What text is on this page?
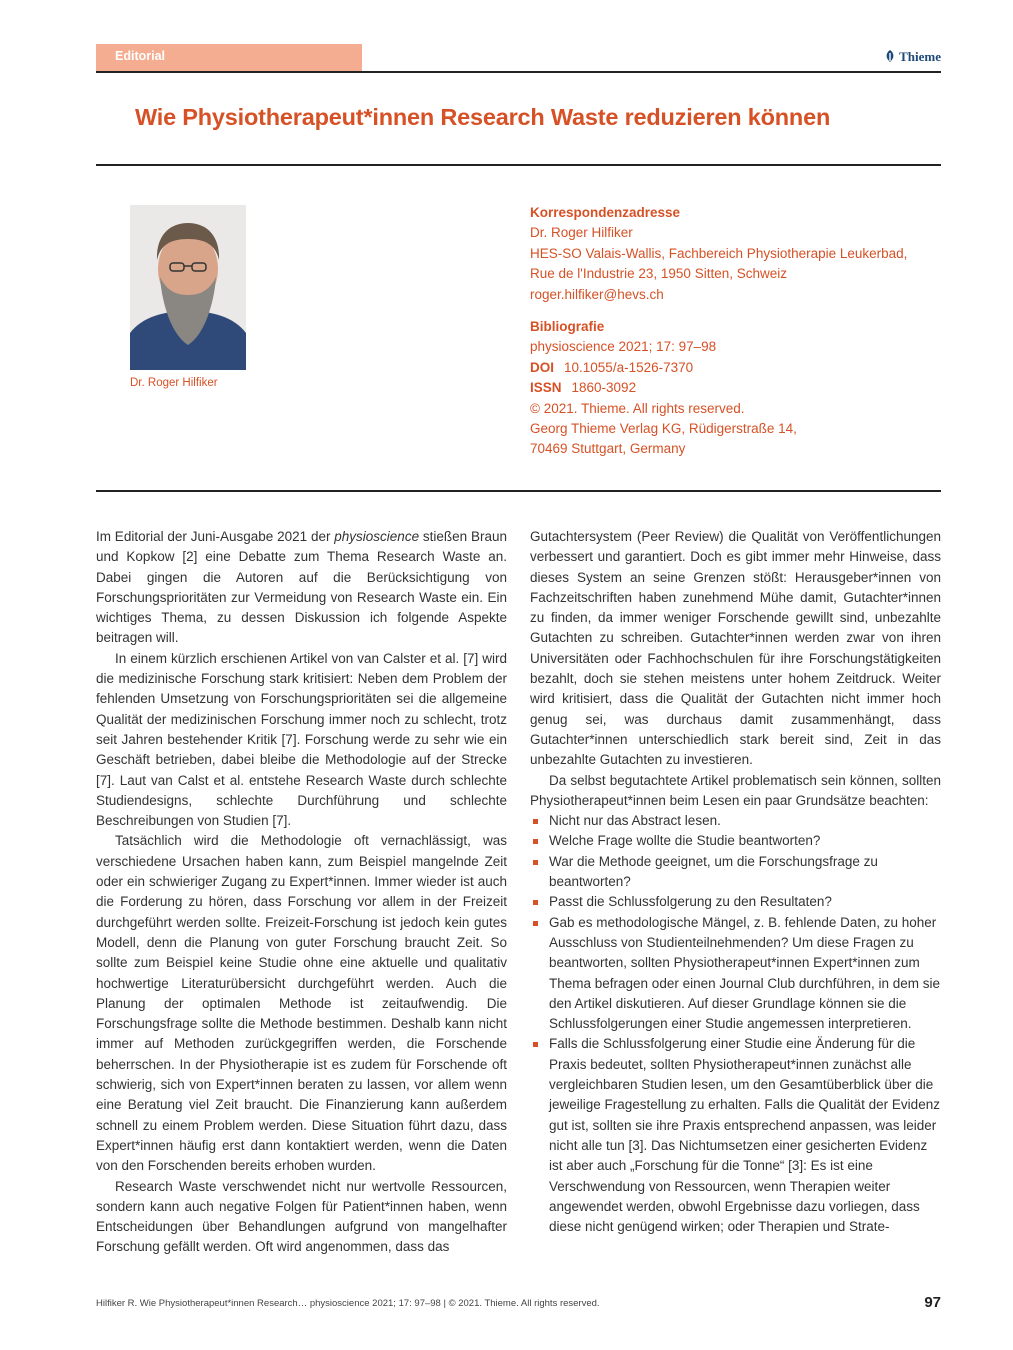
Editorial	Thieme
Wie Physiotherapeut*innen Research Waste reduzieren können
Dr. Roger Hilfiker
Korrespondenzadresse
Dr. Roger Hilfiker
HES-SO Valais-Wallis, Fachbereich Physiotherapie Leukerbad,
Rue de l'Industrie 23, 1950 Sitten, Schweiz
roger.hilfiker@hevs.ch
Bibliografie
physioscience 2021; 17: 97–98
DOI 10.1055/a-1526-7370
ISSN 1860-3092
© 2021. Thieme. All rights reserved.
Georg Thieme Verlag KG, Rüdigerstraße 14,
70469 Stuttgart, Germany

Im Editorial der Juni-Ausgabe 2021 der physioscience stießen Braun und Kopkow [2] eine Debatte zum Thema Research Waste an. Dabei gingen die Autoren auf die Berücksichtigung von Forschungsprioritäten zur Vermeidung von Research Waste ein. Ein wichtiges Thema, zu dessen Diskussion ich folgende Aspekte beitragen will.

In einem kürzlich erschienen Artikel von van Calster et al. [7] wird die medizinische Forschung stark kritisiert: Neben dem Problem der fehlenden Umsetzung von Forschungsprioritäten sei die allgemeine Qualität der medizinischen Forschung immer noch zu schlecht, trotz seit Jahren bestehender Kritik [7]. Forschung werde zu sehr wie ein Geschäft betrieben, dabei bleibe die Methodologie auf der Strecke [7]. Laut van Calst et al. entstehe Research Waste durch schlechte Studiendesigns, schlechte Durchführung und schlechte Beschreibungen von Studien [7].

Tatsächlich wird die Methodologie oft vernachlässigt, was verschiedene Ursachen haben kann, zum Beispiel mangelnde Zeit oder ein schwieriger Zugang zu Expert*innen. Immer wieder ist auch die Forderung zu hören, dass Forschung vor allem in der Freizeit durchgeführt werden sollte. Freizeit-Forschung ist jedoch kein gutes Modell, denn die Planung von guter Forschung braucht Zeit. So sollte zum Beispiel keine Studie ohne eine aktuelle und qualitativ hochwertige Literaturübersicht durchgeführt werden. Auch die Planung der optimalen Methode ist zeitaufwendig. Die Forschungsfrage sollte die Methode bestimmen. Deshalb kann nicht immer auf Methoden zurückgegriffen werden, die Forschende beherrschen. In der Physiotherapie ist es zudem für Forschende oft schwierig, sich von Expert*innen beraten zu lassen, vor allem wenn eine Beratung viel Zeit braucht. Die Finanzierung kann außerdem schnell zu einem Problem werden. Diese Situation führt dazu, dass Expert*innen häufig erst dann kontaktiert werden, wenn die Daten von den Forschenden bereits erhoben wurden.

Research Waste verschwendet nicht nur wertvolle Ressourcen, sondern kann auch negative Folgen für Patient*innen haben, wenn Entscheidungen über Behandlungen aufgrund von mangelhafter Forschung gefällt werden. Oft wird angenommen, dass das

Gutachtersystem (Peer Review) die Qualität von Veröffentlichungen verbessert und garantiert. Doch es gibt immer mehr Hinweise, dass dieses System an seine Grenzen stößt: Herausgeber*innen von Fachzeitschriften haben zunehmend Mühe damit, Gutachter*innen zu finden, da immer weniger Forschende gewillt sind, unbezahlte Gutachten zu schreiben. Gutachter*innen werden zwar von ihren Universitäten oder Fachhochschulen für ihre Forschungstätigkeiten bezahlt, doch sie stehen meistens unter hohem Zeitdruck. Weiter wird kritisiert, dass die Qualität der Gutachten nicht immer hoch genug sei, was durchaus damit zusammenhängt, dass Gutachter*innen unterschiedlich stark bereit sind, Zeit in das unbezahlte Gutachten zu investieren.

Da selbst begutachtete Artikel problematisch sein können, sollten Physiotherapeut*innen beim Lesen ein paar Grundsätze beachten:

Nicht nur das Abstract lesen.
Welche Frage wollte die Studie beantworten?
War die Methode geeignet, um die Forschungsfrage zu beantworten?
Passt die Schlussfolgerung zu den Resultaten?
Gab es methodologische Mängel, z. B. fehlende Daten, zu hoher Ausschluss von Studienteilnehmenden? Um diese Fragen zu beantworten, sollten Physiotherapeut*innen Expert*innen zum Thema befragen oder einen Journal Club durchführen, in dem sie den Artikel diskutieren. Auf dieser Grundlage können sie die Schlussfolgerungen einer Studie angemessen interpretieren.
Falls die Schlussfolgerung einer Studie eine Änderung für die Praxis bedeutet, sollten Physiotherapeut*innen zunächst alle vergleichbaren Studien lesen, um den Gesamtüberblick über die jeweilige Fragestellung zu erhalten. Falls die Qualität der Evidenz gut ist, sollten sie ihre Praxis entsprechend anpassen, was leider nicht alle tun [3]. Das Nichtumsetzen einer gesicherten Evidenz ist aber auch „Forschung für die Tonne“ [3]: Es ist eine Verschwendung von Ressourcen, wenn Therapien weiter angewendet werden, obwohl Ergebnisse dazu vorliegen, dass diese nicht genügend wirken; oder Therapien und Strate-
Hilfiker R. Wie Physiotherapeut*innen Research… physioscience 2021; 17: 97–98 | © 2021. Thieme. All rights reserved.	97
